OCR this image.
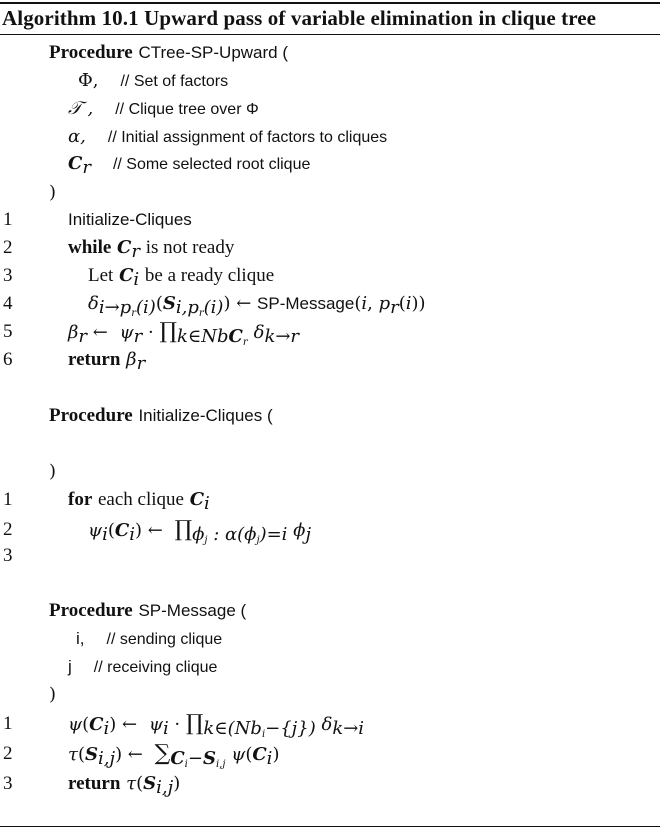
Algorithm 10.1 Upward pass of variable elimination in clique tree
Procedure CTree-SP-Upward (
Φ, // Set of factors
𝒯 , // Clique tree over Φ
α, // Initial assignment of factors to cliques
$C_r$ // Some selected root clique
)
1	Initialize-Cliques
2	while $C_r$ is not ready
3	Let $C_i$ be a ready clique
4	$\delta_{i\to p_r(i)}(S_{i,p_r(i)})$ ← SP-Message(i, $p_r(i)$)
5	$\beta_r$ ← $\psi_r$ · $\prod_{k\in NbC_r}$ $\delta_{k\to r}$
6	return $\beta_r$
Procedure Initialize-Cliques (
)
1	for each clique $C_i$
2	$\psi_i(C_i)$ ← $\prod_{\phi_j : \alpha(\phi_j)=i}$ $\phi_j$
3
Procedure SP-Message (
i, // sending clique
j // receiving clique
)
1	$\psi(C_i)$ ← $\psi_i$ · $\prod_{k\in(Nb_i-\{j\})}$ $\delta_{k\to i}$
2	$\tau(S_{i,j})$ ← $\sum_{C_i-S_{i,j}}$ $\psi(C_i)$
3	return $\tau(S_{i,j})$
